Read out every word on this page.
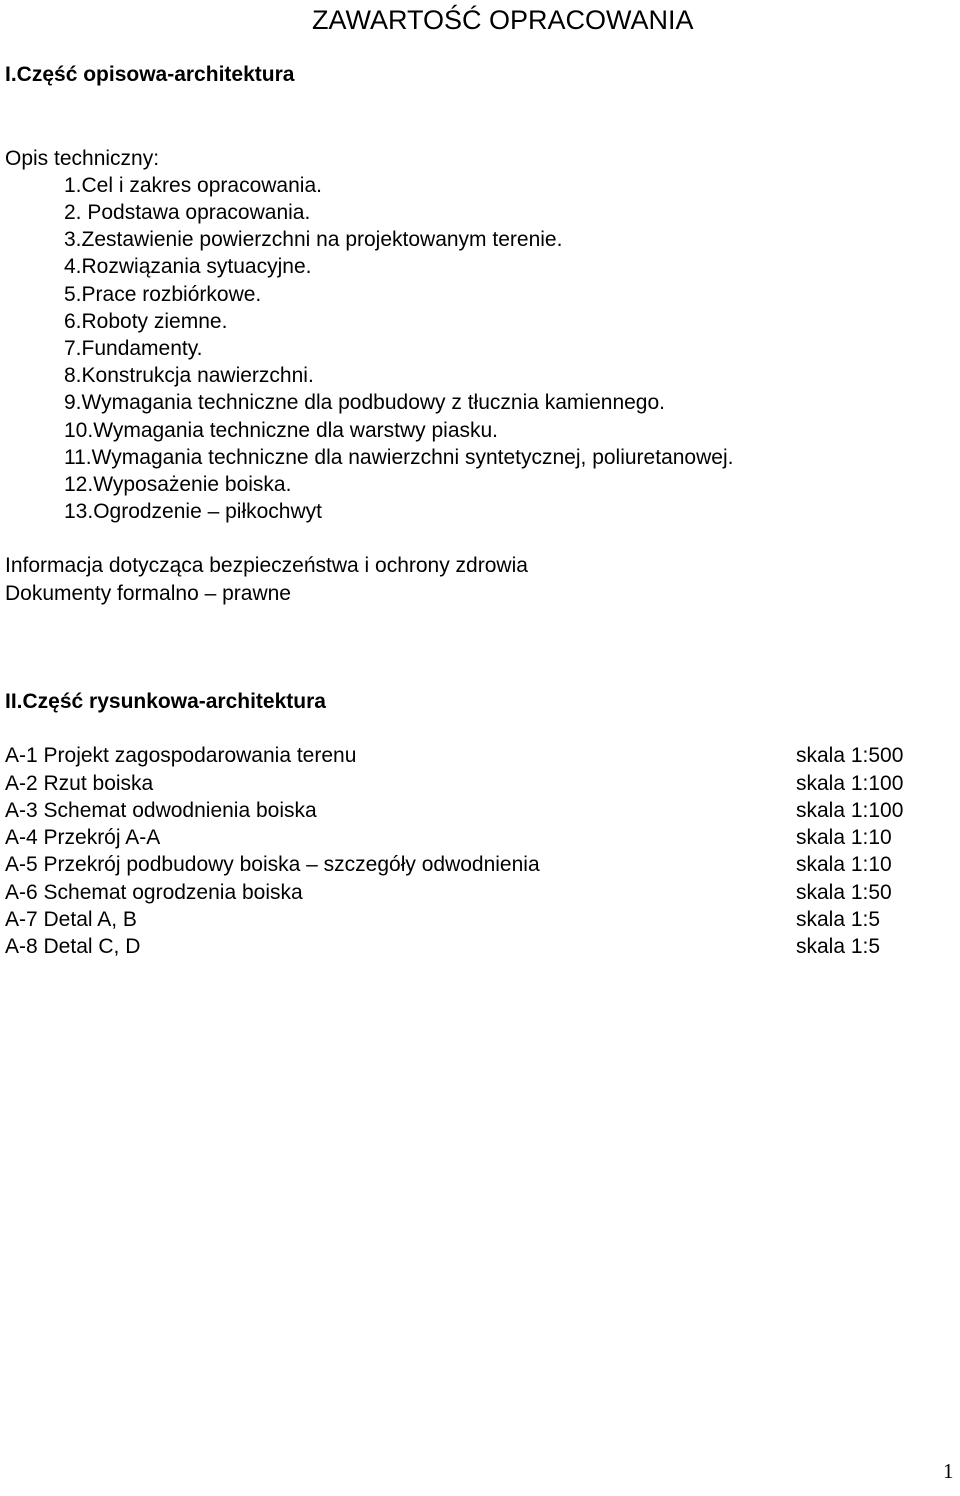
ZAWARTOŚĆ OPRACOWANIA
I.Część opisowa-architektura
Opis techniczny:
1.Cel i zakres opracowania.
2. Podstawa opracowania.
3.Zestawienie powierzchni na projektowanym terenie.
4.Rozwiązania sytuacyjne.
5.Prace rozbiórkowe.
6.Roboty ziemne.
7.Fundamenty.
8.Konstrukcja nawierzchni.
9.Wymagania techniczne dla podbudowy z tłucznia kamiennego.
10.Wymagania techniczne dla warstwy piasku.
11.Wymagania techniczne dla nawierzchni syntetycznej, poliuretanowej.
12.Wyposażenie boiska.
13.Ogrodzenie – piłkochwyt
Informacja dotycząca bezpieczeństwa i ochrony zdrowia
Dokumenty formalno – prawne
II.Część rysunkowa-architektura
A-1 Projekt zagospodarowania terenu	skala 1:500
A-2 Rzut boiska	skala 1:100
A-3 Schemat odwodnienia boiska	skala 1:100
A-4 Przekrój A-A	skala 1:10
A-5 Przekrój podbudowy boiska – szczegóły odwodnienia	skala 1:10
A-6 Schemat ogrodzenia boiska	skala 1:50
A-7 Detal A, B	skala 1:5
A-8 Detal C, D	skala 1:5
1
